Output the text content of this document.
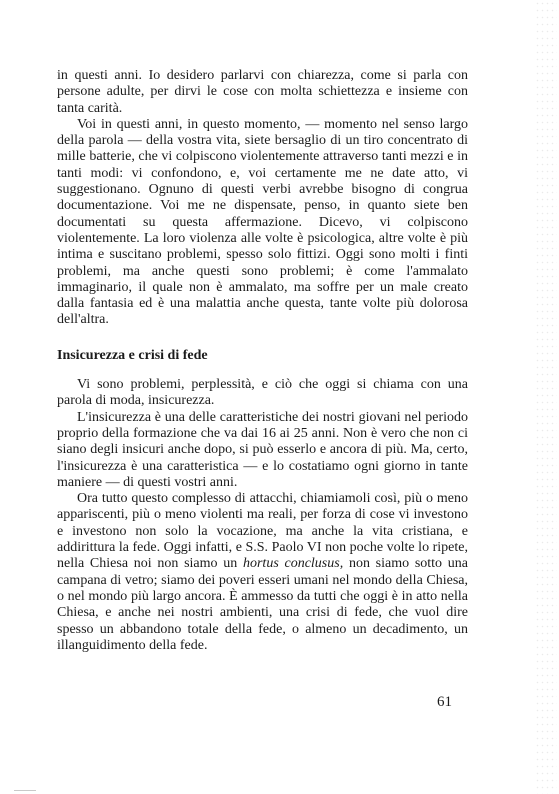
in questi anni. Io desidero parlarvi con chiarezza, come si parla con persone adulte, per dirvi le cose con molta schiettezza e insieme con tanta carità.

Voi in questi anni, in questo momento, — momento nel senso largo della parola — della vostra vita, siete bersaglio di un tiro concentrato di mille batterie, che vi colpiscono violentemente attraverso tanti mezzi e in tanti modi: vi confondono, e, voi certamente me ne date atto, vi suggestionano. Ognuno di questi verbi avrebbe bisogno di congrua documentazione. Voi me ne dispensate, penso, in quanto siete ben documentati su questa affermazione. Dicevo, vi colpiscono violentemente. La loro violenza alle volte è psicologica, altre volte è più intima e suscitano problemi, spesso solo fittizi. Oggi sono molti i finti problemi, ma anche questi sono problemi; è come l'ammalato immaginario, il quale non è ammalato, ma soffre per un male creato dalla fantasia ed è una malattia anche questa, tante volte più dolorosa dell'altra.

Insicurezza e crisi di fede

Vi sono problemi, perplessità, e ciò che oggi si chiama con una parola di moda, insicurezza.

L'insicurezza è una delle caratteristiche dei nostri giovani nel periodo proprio della formazione che va dai 16 ai 25 anni. Non è vero che non ci siano degli insicuri anche dopo, si può esserlo e ancora di più. Ma, certo, l'insicurezza è una caratteristica — e lo costatiamo ogni giorno in tante maniere — di questi vostri anni.

Ora tutto questo complesso di attacchi, chiamiamoli così, più o meno appariscenti, più o meno violenti ma reali, per forza di cose vi investono e investono non solo la vocazione, ma anche la vita cristiana, e addirittura la fede. Oggi infatti, e S.S. Paolo VI non poche volte lo ripete, nella Chiesa noi non siamo un hortus conclusus, non siamo sotto una campana di vetro; siamo dei poveri esseri umani nel mondo della Chiesa, o nel mondo più largo ancora. È ammesso da tutti che oggi è in atto nella Chiesa, e anche nei nostri ambienti, una crisi di fede, che vuol dire spesso un abbandono totale della fede, o almeno un decadimento, un illanguidimento della fede.

61
